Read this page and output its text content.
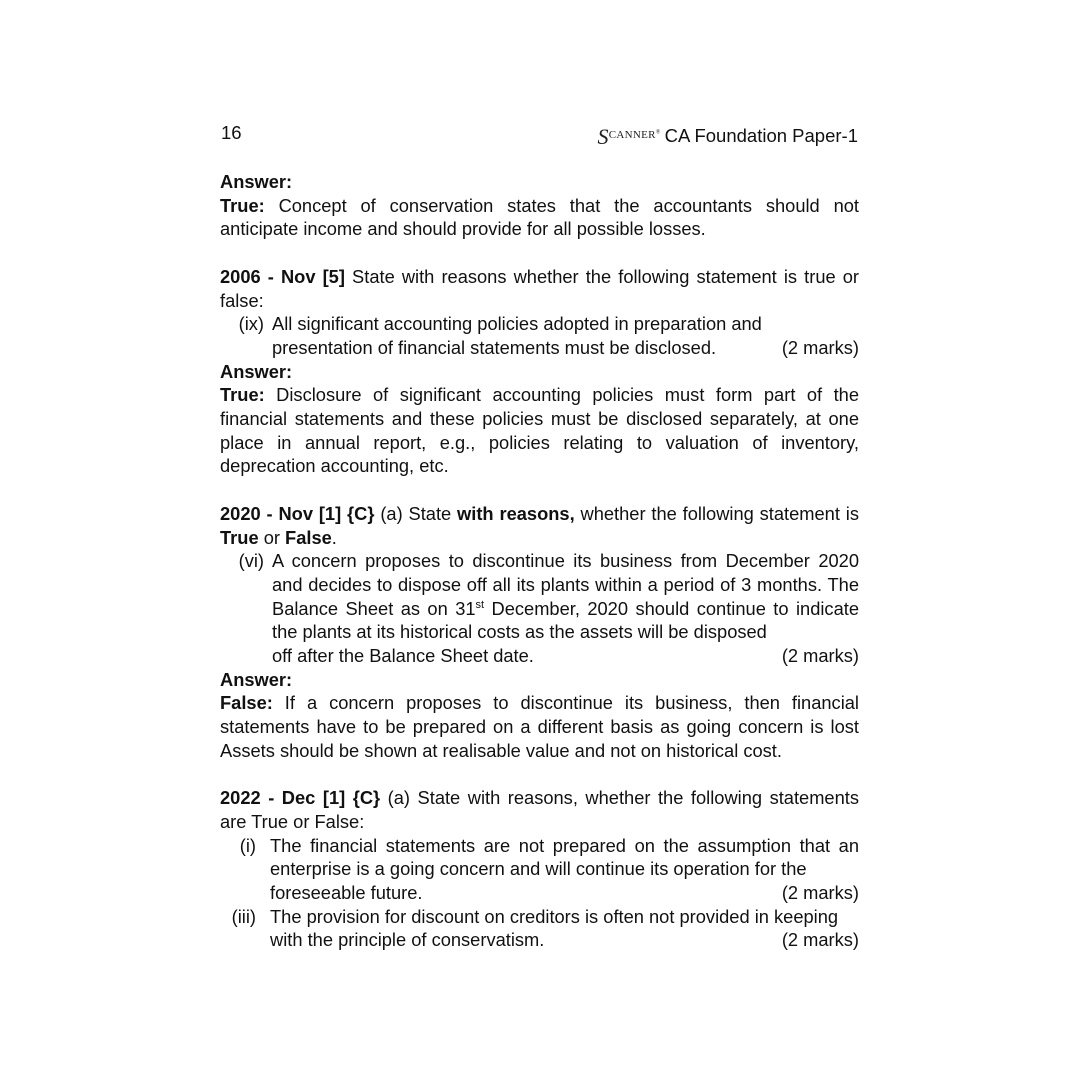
16	SCANNER® CA Foundation Paper-1

Answer:

True: Concept of conservation states that the accountants should not anticipate income and should provide for all possible losses.

2006 - Nov [5] State with reasons whether the following statement is true or false:

(ix) All significant accounting policies adopted in preparation and
presentation of financial statements must be disclosed.	(2 marks)

Answer:

True: Disclosure of significant accounting policies must form part of the financial statements and these policies must be disclosed separately, at one place in annual report, e.g., policies relating to valuation of inventory, deprecation accounting, etc.

2020 - Nov [1] {C} (a) State with reasons, whether the following statement is True or False.

(vi) A concern proposes to discontinue its business from December 2020 and decides to dispose off all its plants within a period of 3 months. The Balance Sheet as on 31st December, 2020 should continue to indicate the plants at its historical costs as the assets will be disposed
off after the Balance Sheet date.	(2 marks)

Answer:

False: If a concern proposes to discontinue its business, then financial statements have to be prepared on a different basis as going concern is lost Assets should be shown at realisable value and not on historical cost.

2022 - Dec [1] {C} (a) State with reasons, whether the following statements are True or False:

(i) The financial statements are not prepared on the assumption that an enterprise is a going concern and will continue its operation for the
foreseeable future.	(2 marks)
(iii) The provision for discount on creditors is often not provided in keeping
with the principle of conservatism.	(2 marks)
